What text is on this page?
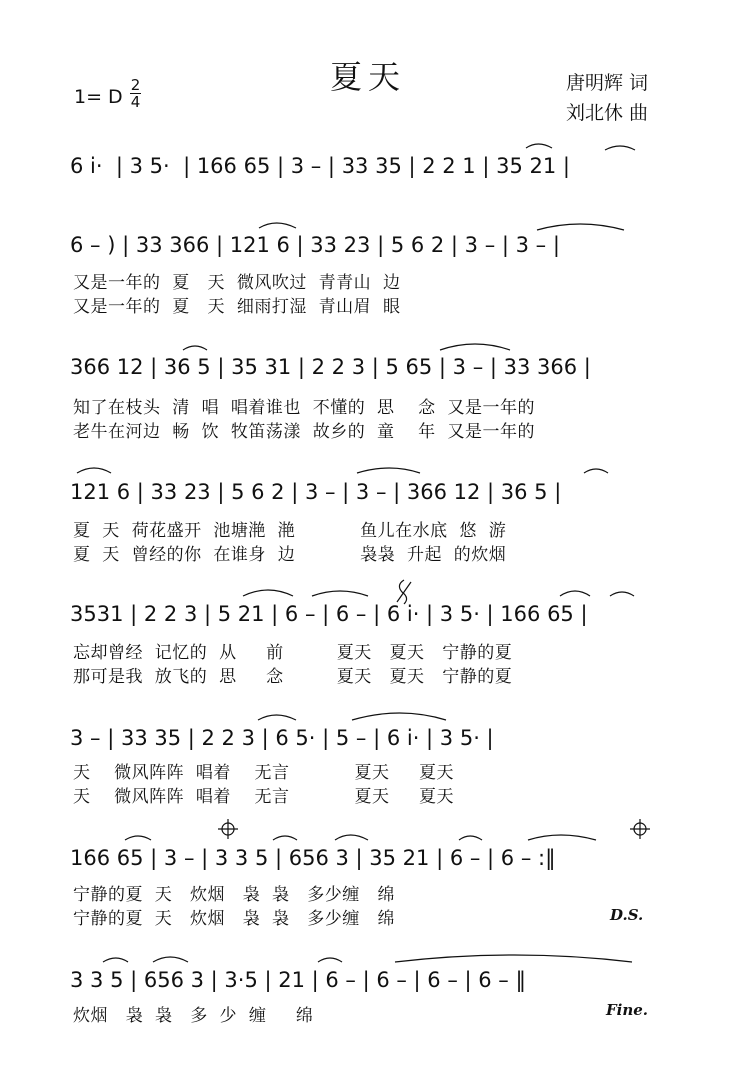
夏天
1= D
2
4
唐明辉 词
刘北休 曲
6 i·  | 3 5·  | 166 65 | 3 – | 33 35 | 2 2 1 | 35 21 |
6 – ) | 33 366 | 121 6 | 33 23 | 5 6 2 | 3 – | 3 – |
又是一年的  夏   天  微风吹过  青青山  边
又是一年的  夏   天  细雨打湿  青山眉  眼
366 12 | 36 5 | 35 31 | 2 2 3 | 5 65 | 3 – | 33 366 |
知了在枝头  清  唱  唱着谁也  不懂的  思    念  又是一年的
老牛在河边  畅  饮  牧笛荡漾  故乡的  童    年  又是一年的
121 6 | 33 23 | 5 6 2 | 3 – | 3 – | 366 12 | 36 5 |
夏  天  荷花盛开  池塘滟  滟           鱼儿在水底  悠  游
夏  天  曾经的你  在谁身  边           袅袅  升起  的炊烟
3531 | 2 2 3 | 5 21 | 6 – | 6 – | 6 i· | 3 5· | 166 65 |
忘却曾经  记忆的  从     前         夏天   夏天   宁静的夏
那可是我  放飞的  思     念         夏天   夏天   宁静的夏
3 – | 33 35 | 2 2 3 | 6 5· | 5 – | 6 i· | 3 5· |
天    微风阵阵  唱着    无言           夏天     夏天
天    微风阵阵  唱着    无言           夏天     夏天
166 65 | 3 – | 3 3 5 | 656 3 | 35 21 | 6 – | 6 – :‖
宁静的夏  天   炊烟   袅  袅   多少缠   绵
宁静的夏  天   炊烟   袅  袅   多少缠   绵	D.S.
3 3 5 | 656 3 | 3·5 | 21 | 6 – | 6 – | 6 – | 6 – ‖
炊烟   袅  袅   多  少  缠     绵	Fine.
